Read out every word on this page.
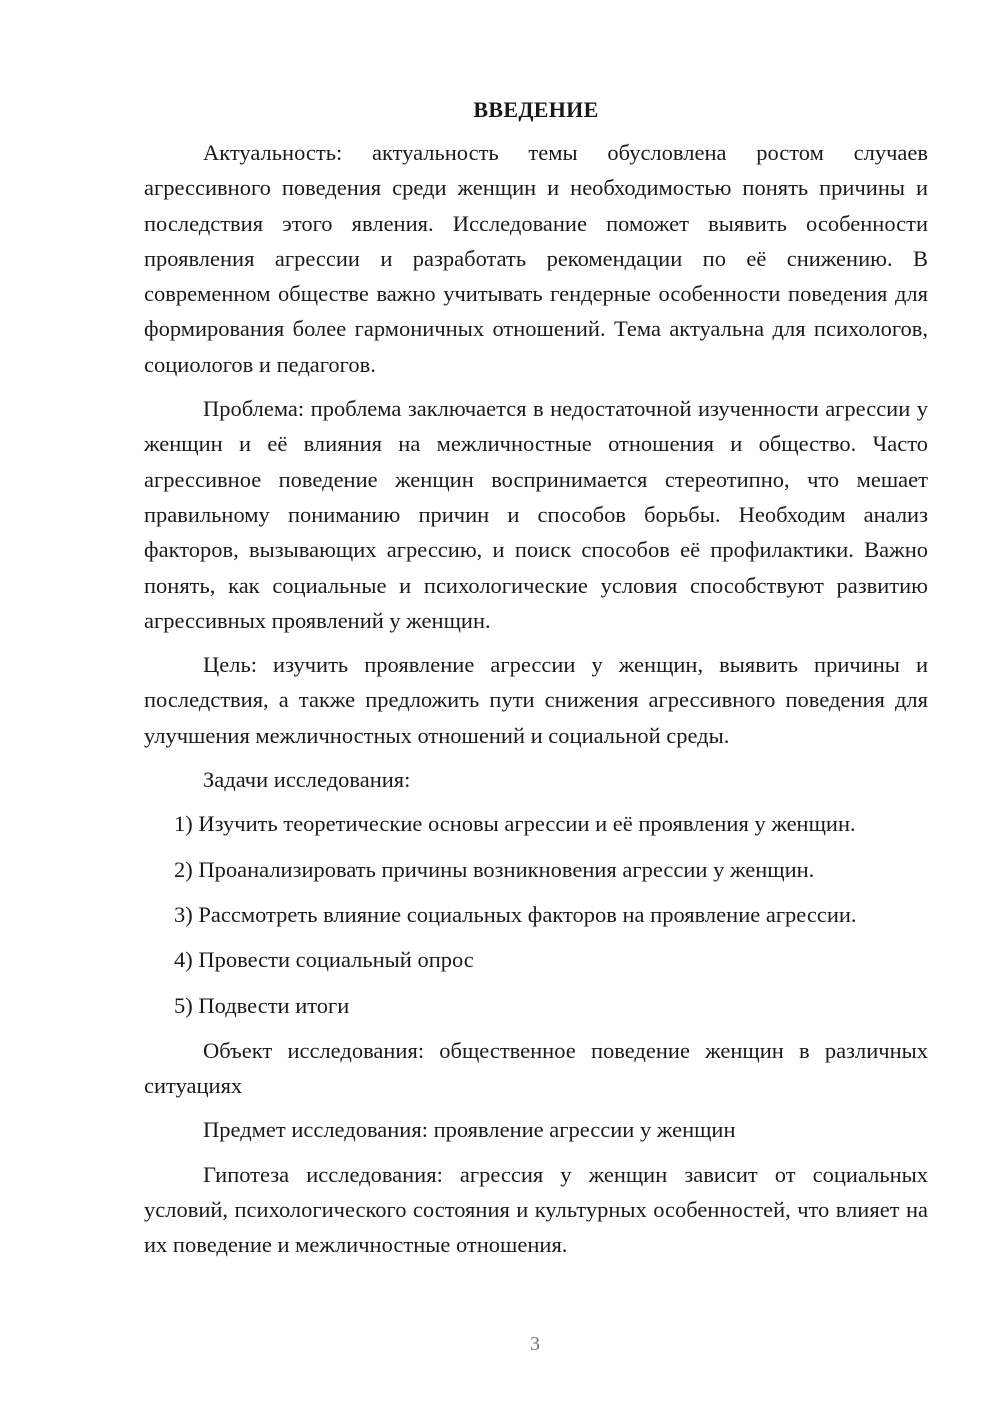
ВВЕДЕНИЕ

Актуальность: актуальность темы обусловлена ростом случаев агрессивного поведения среди женщин и необходимостью понять причины и последствия этого явления. Исследование поможет выявить особенности проявления агрессии и разработать рекомендации по её снижению. В современном обществе важно учитывать гендерные особенности поведения для формирования более гармоничных отношений. Тема актуальна для психологов, социологов и педагогов.

Проблема: проблема заключается в недостаточной изученности агрессии у женщин и её влияния на межличностные отношения и общество. Часто агрессивное поведение женщин воспринимается стереотипно, что мешает правильному пониманию причин и способов борьбы. Необходим анализ факторов, вызывающих агрессию, и поиск способов её профилактики. Важно понять, как социальные и психологические условия способствуют развитию агрессивных проявлений у женщин.

Цель: изучить проявление агрессии у женщин, выявить причины и последствия, а также предложить пути снижения агрессивного поведения для улучшения межличностных отношений и социальной среды.

Задачи исследования:

1) Изучить теоретические основы агрессии и её проявления у женщин.
2) Проанализировать причины возникновения агрессии у женщин.
3) Рассмотреть влияние социальных факторов на проявление агрессии.
4) Провести социальный опрос
5) Подвести итоги

Объект исследования: общественное поведение женщин в различных ситуациях

Предмет исследования: проявление агрессии у женщин

Гипотеза исследования: агрессия у женщин зависит от социальных условий, психологического состояния и культурных особенностей, что влияет на их поведение и межличностные отношения.

3
